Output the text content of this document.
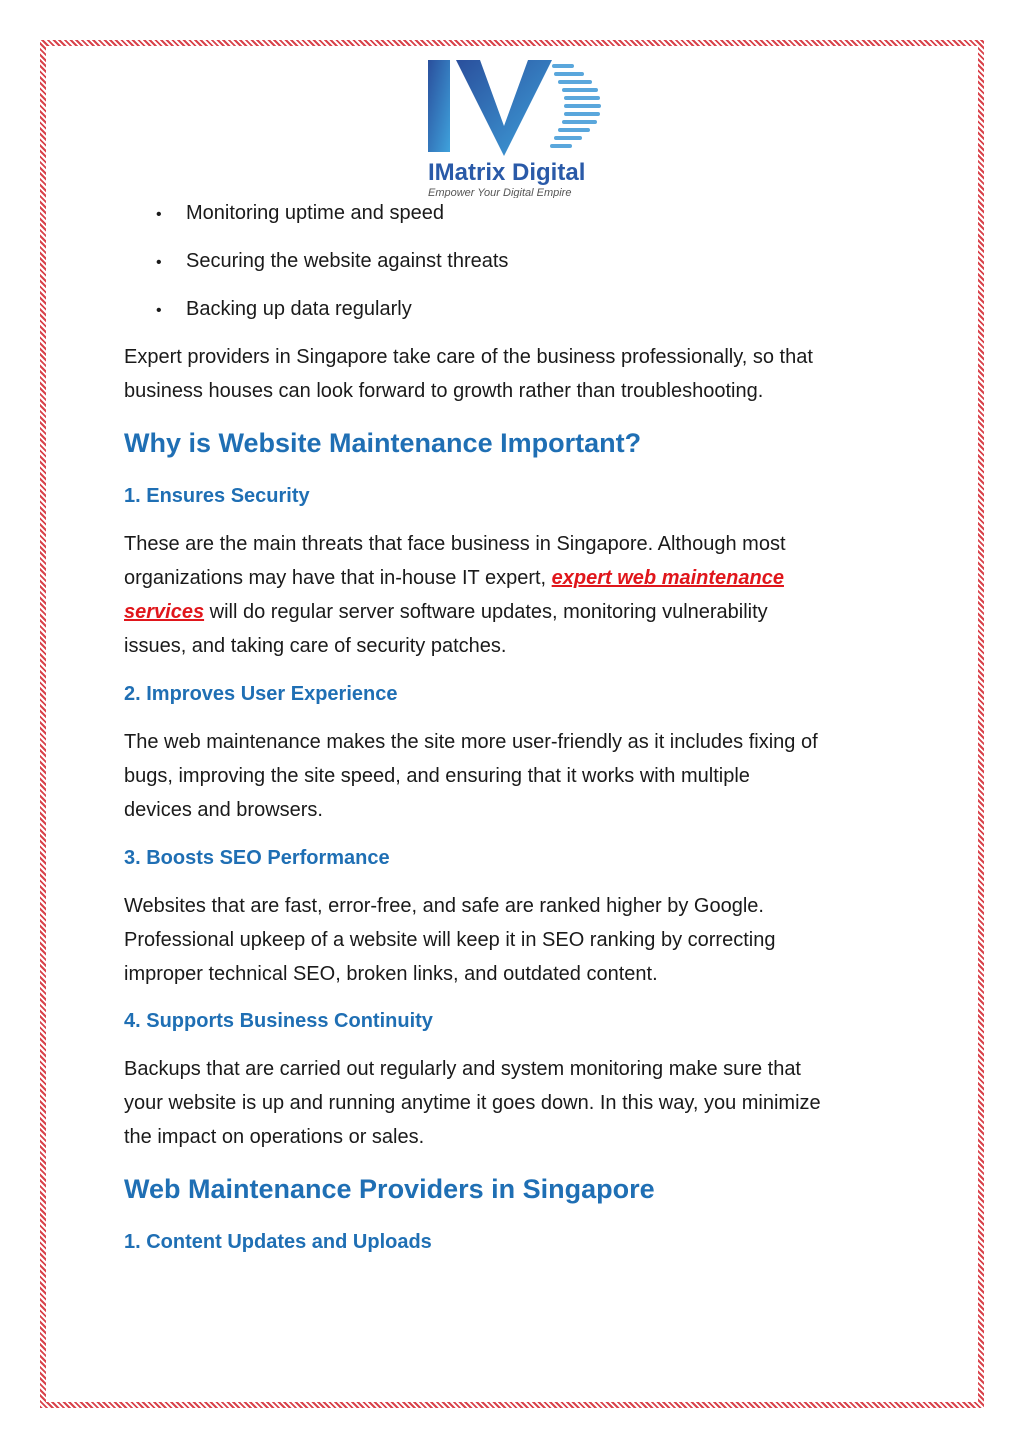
IMatrix Digital
Empower Your Digital Empire
• Monitoring uptime and speed
• Securing the website against threats
• Backing up data regularly
Expert providers in Singapore take care of the business professionally, so that
business houses can look forward to growth rather than troubleshooting.
Why is Website Maintenance Important?
1. Ensures Security
These are the main threats that face business in Singapore. Although most
organizations may have that in-house IT expert, expert web maintenance
services will do regular server software updates, monitoring vulnerability
issues, and taking care of security patches.
2. Improves User Experience
The web maintenance makes the site more user-friendly as it includes fixing of
bugs, improving the site speed, and ensuring that it works with multiple
devices and browsers.
3. Boosts SEO Performance
Websites that are fast, error-free, and safe are ranked higher by Google.
Professional upkeep of a website will keep it in SEO ranking by correcting
improper technical SEO, broken links, and outdated content.
4. Supports Business Continuity
Backups that are carried out regularly and system monitoring make sure that
your website is up and running anytime it goes down. In this way, you minimize
the impact on operations or sales.
Web Maintenance Providers in Singapore
1. Content Updates and Uploads
